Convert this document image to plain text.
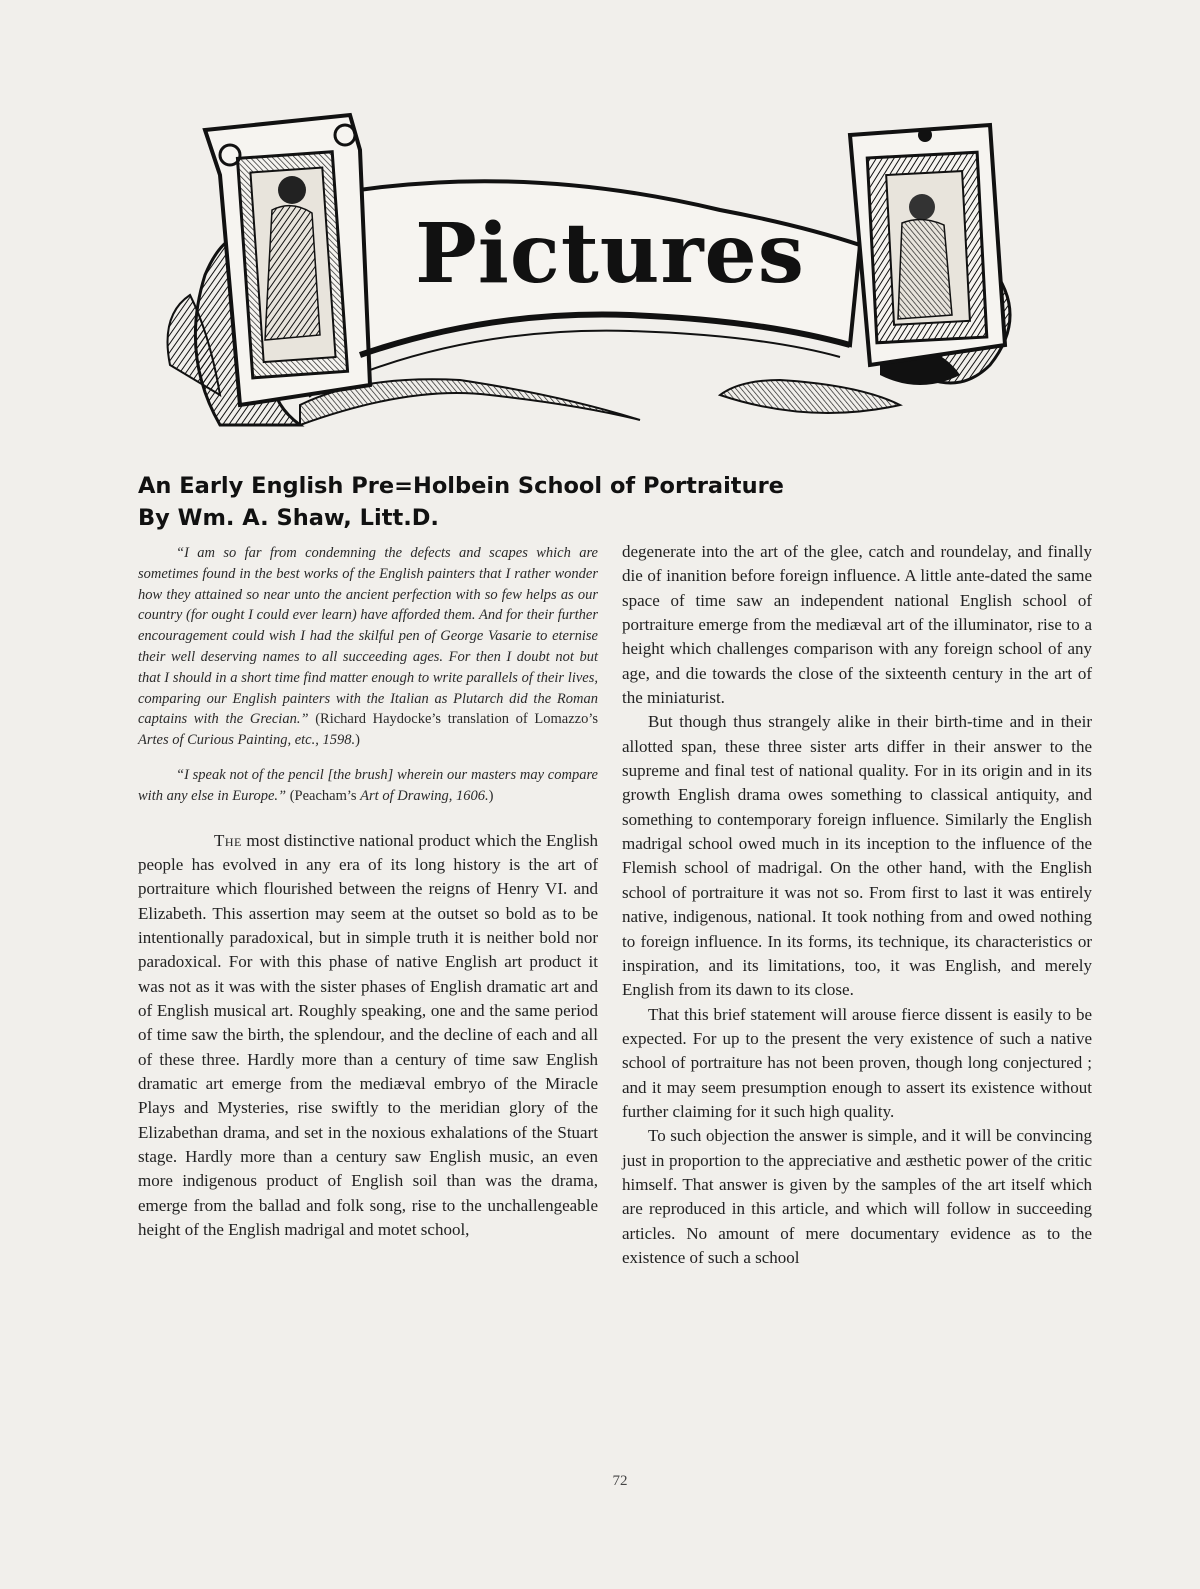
Pictures
An Early English Pre=Holbein School of Portraiture
By Wm. A. Shaw, Litt.D.

“I am so far from condemning the defects and scapes which are sometimes found in the best works of the English painters that I rather wonder how they attained so near unto the ancient perfection with so few helps as our country (for ought I could ever learn) have afforded them. And for their further encouragement could wish I had the skilful pen of George Vasarie to eternise their well deserving names to all succeeding ages. For then I doubt not but that I should in a short time find matter enough to write parallels of their lives, comparing our English painters with the Italian as Plutarch did the Roman captains with the Grecian.” (Richard Haydocke’s translation of Lomazzo’s Artes of Curious Painting, etc., 1598.)

“I speak not of the pencil [the brush] wherein our masters may compare with any else in Europe.” (Peacham’s Art of Drawing, 1606.)

The most distinctive national product which the English people has evolved in any era of its long history is the art of portraiture which flourished between the reigns of Henry VI. and Elizabeth. This assertion may seem at the outset so bold as to be intentionally paradoxical, but in simple truth it is neither bold nor paradoxical. For with this phase of native English art product it was not as it was with the sister phases of English dramatic art and of English musical art. Roughly speaking, one and the same period of time saw the birth, the splendour, and the decline of each and all of these three. Hardly more than a century of time saw English dramatic art emerge from the mediæval embryo of the Miracle Plays and Mysteries, rise swiftly to the meridian glory of the Elizabethan drama, and set in the noxious exhalations of the Stuart stage. Hardly more than a century saw English music, an even more indigenous product of English soil than was the drama, emerge from the ballad and folk song, rise to the unchallengeable height of the English madrigal and motet school,

degenerate into the art of the glee, catch and roundelay, and finally die of inanition before foreign influence. A little ante-dated the same space of time saw an independent national English school of portraiture emerge from the mediæval art of the illuminator, rise to a height which challenges comparison with any foreign school of any age, and die towards the close of the sixteenth century in the art of the miniaturist.

But though thus strangely alike in their birth-time and in their allotted span, these three sister arts differ in their answer to the supreme and final test of national quality. For in its origin and in its growth English drama owes something to classical antiquity, and something to contemporary foreign influence. Similarly the English madrigal school owed much in its inception to the influence of the Flemish school of madrigal. On the other hand, with the English school of portraiture it was not so. From first to last it was entirely native, indigenous, national. It took nothing from and owed nothing to foreign influence. In its forms, its technique, its characteristics or inspiration, and its limitations, too, it was English, and merely English from its dawn to its close.

That this brief statement will arouse fierce dissent is easily to be expected. For up to the present the very existence of such a native school of portraiture has not been proven, though long conjectured ; and it may seem presumption enough to assert its existence without further claiming for it such high quality.

To such objection the answer is simple, and it will be convincing just in proportion to the appreciative and æsthetic power of the critic himself. That answer is given by the samples of the art itself which are reproduced in this article, and which will follow in succeeding articles. No amount of mere documentary evidence as to the existence of such a school

72
